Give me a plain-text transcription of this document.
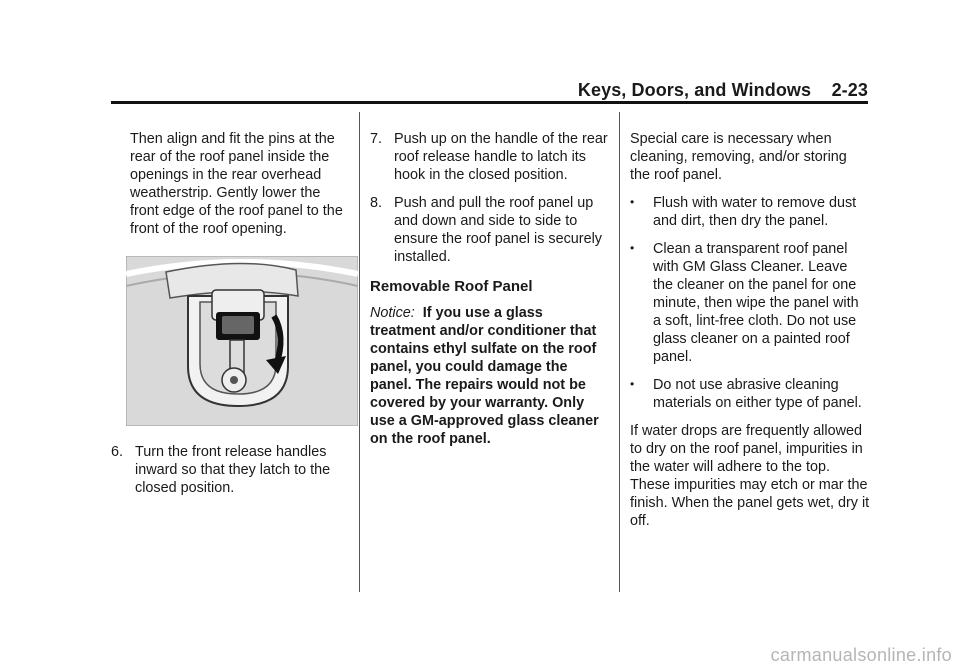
Keys, Doors, and Windows 2-23

Then align and fit the pins at the rear of the roof panel inside the openings in the rear overhead weatherstrip. Gently lower the front edge of the roof panel to the front of the roof opening.

6. Turn the front release handles inward so that they latch to the closed position.
7. Push up on the handle of the rear roof release handle to latch its hook in the closed position.
8. Push and pull the roof panel up and down and side to side to ensure the roof panel is securely installed.
Removable Roof Panel

Notice: If you use a glass treatment and/or conditioner that contains ethyl sulfate on the roof panel, you could damage the panel. The repairs would not be covered by your warranty. Only use a GM-approved glass cleaner on the roof panel.

Special care is necessary when cleaning, removing, and/or storing the roof panel.

•	Flush with water to remove dust and dirt, then dry the panel.
•	Clean a transparent roof panel with GM Glass Cleaner. Leave the cleaner on the panel for one minute, then wipe the panel with a soft, lint-free cloth. Do not use glass cleaner on a painted roof panel.
•	Do not use abrasive cleaning materials on either type of panel.

If water drops are frequently allowed to dry on the roof panel, impurities in the water will adhere to the top. These impurities may etch or mar the finish. When the panel gets wet, dry it off.

carmanualsonline.info
